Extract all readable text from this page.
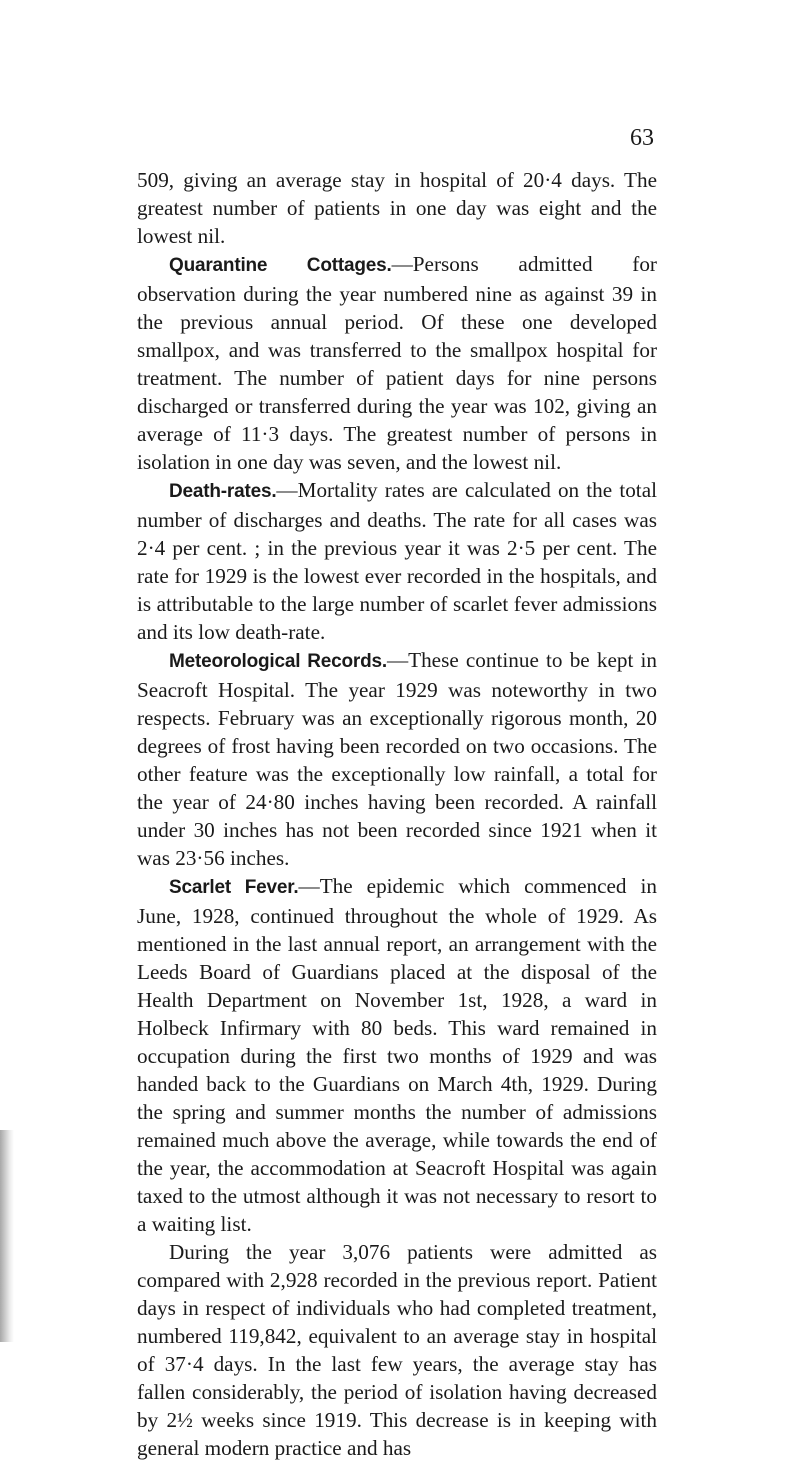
63

509, giving an average stay in hospital of 20·4 days. The greatest number of patients in one day was eight and the lowest nil.

Quarantine Cottages.—Persons admitted for observation during the year numbered nine as against 39 in the previous annual period. Of these one developed smallpox, and was transferred to the smallpox hospital for treatment. The number of patient days for nine persons discharged or transferred during the year was 102, giving an average of 11·3 days. The greatest number of persons in isolation in one day was seven, and the lowest nil.

Death-rates.—Mortality rates are calculated on the total number of discharges and deaths. The rate for all cases was 2·4 per cent. ; in the previous year it was 2·5 per cent. The rate for 1929 is the lowest ever recorded in the hospitals, and is attributable to the large number of scarlet fever admissions and its low death-rate.

Meteorological Records.—These continue to be kept in Seacroft Hospital. The year 1929 was noteworthy in two respects. February was an exceptionally rigorous month, 20 degrees of frost having been recorded on two occasions. The other feature was the exceptionally low rainfall, a total for the year of 24·80 inches having been recorded. A rainfall under 30 inches has not been recorded since 1921 when it was 23·56 inches.

Scarlet Fever.—The epidemic which commenced in June, 1928, continued throughout the whole of 1929. As mentioned in the last annual report, an arrangement with the Leeds Board of Guardians placed at the disposal of the Health Department on November 1st, 1928, a ward in Holbeck Infirmary with 80 beds. This ward remained in occupation during the first two months of 1929 and was handed back to the Guardians on March 4th, 1929. During the spring and summer months the number of admissions remained much above the average, while towards the end of the year, the accommodation at Seacroft Hospital was again taxed to the utmost although it was not necessary to resort to a waiting list.

During the year 3,076 patients were admitted as compared with 2,928 recorded in the previous report. Patient days in respect of individuals who had completed treatment, numbered 119,842, equivalent to an average stay in hospital of 37·4 days. In the last few years, the average stay has fallen considerably, the period of isolation having decreased by 2½ weeks since 1919. This decrease is in keeping with general modern practice and has
